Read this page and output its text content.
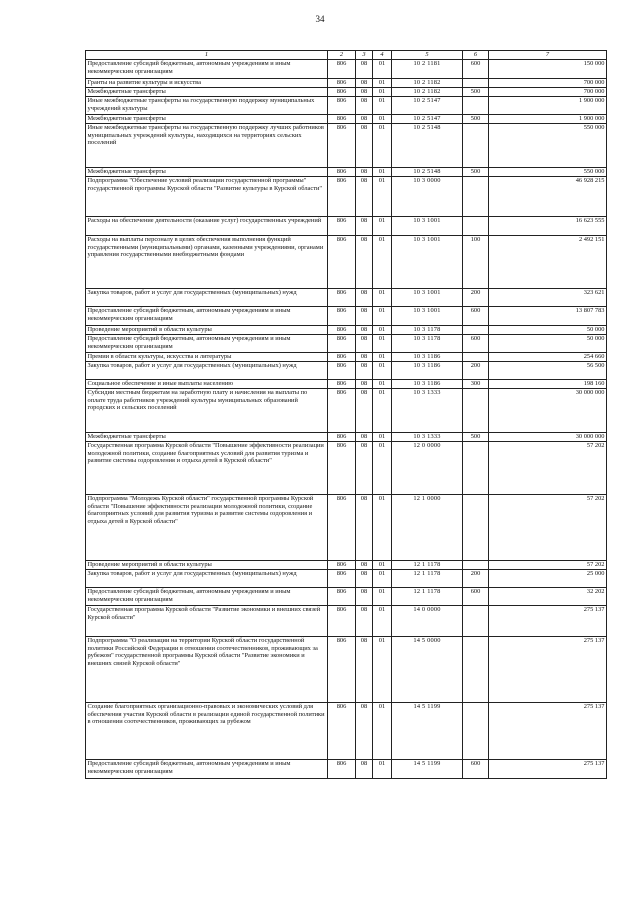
34
1	2	3	4	5	6	7
Предоставление субсидий бюджетным, автономным учреждениям и иным некоммерческим организациям	806	08	01	10 2 1181	600	150 000
Гранты на развитие культуры и искусства	806	08	01	10 2 1182		700 000
Межбюджетные трансферты	806	08	01	10 2 1182	500	700 000
Иные межбюджетные трансферты на государственную поддержку муниципальных учреждений культуры	806	08	01	10 2 5147		1 900 000
Межбюджетные трансферты	806	08	01	10 2 5147	500	1 900 000
Иные межбюджетные трансферты на государственную поддержку лучших работников муниципальных учреждений культуры, находящихся на территориях сельских поселений	806	08	01	10 2 5148		550 000
Межбюджетные трансферты	806	08	01	10 2 5148	500	550 000
Подпрограмма "Обеспечение условий реализации государственной программы" государственной программы Курской области "Развитие культуры в Курской области"	806	08	01	10 3 0000		46 928 215
Расходы на обеспечение деятельности (оказание услуг) государственных учреждений	806	08	01	10 3 1001		16 623 555
Расходы на выплаты персоналу в целях обеспечения выполнения функций государственными (муниципальными) органами, казенными учреждениями, органами управления государственными внебюджетными фондами	806	08	01	10 3 1001	100	2 492 151
Закупка товаров, работ и услуг для государственных (муниципальных) нужд	806	08	01	10 3 1001	200	323 621
Предоставление субсидий бюджетным, автономным учреждениям и иным некоммерческим организациям	806	08	01	10 3 1001	600	13 807 783
Проведение мероприятий в области культуры	806	08	01	10 3 1178		50 000
Предоставление субсидий бюджетным, автономным учреждениям и иным некоммерческим организациям	806	08	01	10 3 1178	600	50 000
Премии в области культуры, искусства и литературы	806	08	01	10 3 1186		254 660
Закупка товаров, работ и услуг для государственных (муниципальных) нужд	806	08	01	10 3 1186	200	56 500
Социальное обеспечение и иные выплаты населению	806	08	01	10 3 1186	300	198 160
Субсидии местным бюджетам на заработную плату и начисления на выплаты по оплате труда работников учреждений культуры муниципальных образований городских и сельских поселений	806	08	01	10 3 1333		30 000 000
Межбюджетные трансферты	806	08	01	10 3 1333	500	30 000 000
Государственная программа Курской области "Повышение эффективности реализации молодежной политики, создание благоприятных условий для развития туризма и развитие системы оздоровления и отдыха детей в Курской области"	806	08	01	12 0 0000		57 202
Подпрограмма "Молодежь Курской области" государственной программы Курской области "Повышение эффективности реализации молодежной политики, создание благоприятных условий для развития туризма и развитие системы оздоровления и отдыха детей в Курской области"	806	08	01	12 1 0000		57 202
Проведение мероприятий в области культуры	806	08	01	12 1 1178		57 202
Закупка товаров, работ и услуг для государственных (муниципальных) нужд	806	08	01	12 1 1178	200	25 000
Предоставление субсидий бюджетным, автономным учреждениям и иным некоммерческим организациям	806	08	01	12 1 1178	600	32 202
Государственная программа Курской области "Развитие экономики и внешних связей Курской области"	806	08	01	14 0 0000		275 137
Подпрограмма "О реализации на территории Курской области государственной политики Российской Федерации в отношении соотечественников, проживающих за рубежом" государственной программы Курской области "Развитие экономики и внешних связей Курской области"	806	08	01	14 5 0000		275 137
Создание благоприятных организационно-правовых и экономических условий для обеспечения участия Курской области в реализации единой государственной политики в отношении соотечественников, проживающих за рубежом	806	08	01	14 5 1199		275 137
Предоставление субсидий бюджетным, автономным учреждениям и иным некоммерческим организациям	806	08	01	14 5 1199	600	275 137
